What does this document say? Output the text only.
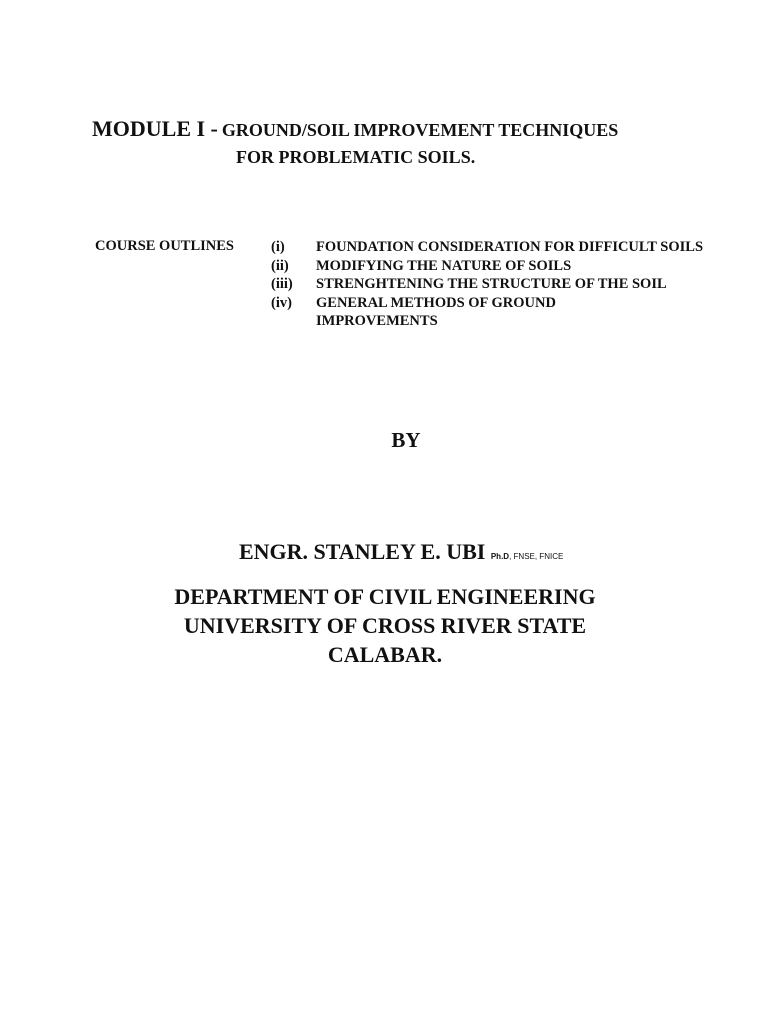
MODULE I - GROUND/SOIL IMPROVEMENT TECHNIQUES
FOR PROBLEMATIC SOILS.
COURSE OUTLINES	(i)	FOUNDATION CONSIDERATION FOR DIFFICULT SOILS
(ii)	MODIFYING THE NATURE OF SOILS
(iii)	STRENGHTENING THE STRUCTURE OF THE SOIL
(iv)	GENERAL METHODS OF GROUND IMPROVEMENTS
BY
ENGR. STANLEY E. UBI Ph.D, FNSE, FNICE
DEPARTMENT OF CIVIL ENGINEERING
UNIVERSITY OF CROSS RIVER STATE
CALABAR.
